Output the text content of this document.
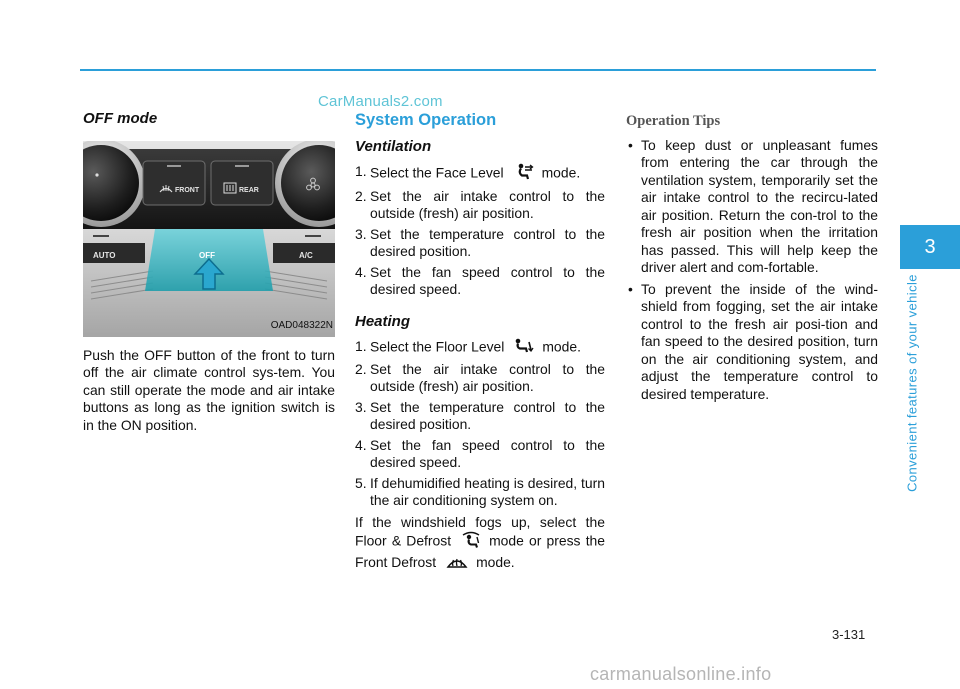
CarManuals2.com
OFF mode
FRONT	REAR
AUTO	OFF	A/C
OAD048322N

Push the OFF button of the front to turn off the air climate control sys-tem. You can still operate the mode and air intake buttons as long as the ignition switch is in the ON position.

System Operation
Ventilation
1. Select the Face Level	mode.
2. Set the air intake control to the outside (fresh) air position.
3. Set the temperature control to the desired position.
4. Set the fan speed control to the desired speed.
Heating
1. Select the Floor Level	mode.
2. Set the air intake control to the outside (fresh) air position.
3. Set the temperature control to the desired position.
4. Set the fan speed control to the desired speed.
5. If dehumidified heating is desired, turn the air conditioning system on.

If the windshield fogs up, select the Floor & Defrost	mode or press the Front Defrost	mode.

Operation Tips
• To keep dust or unpleasant fumes from entering the car through the ventilation system, temporarily set the air intake control to the recircu-lated air position. Return the con-trol to the fresh air position when the irritation has passed. This will help keep the driver alert and com-fortable.
• To prevent the inside of the wind-shield from fogging, set the air intake control to the fresh air posi-tion and fan speed to the desired position, turn on the air conditioning system, and adjust the temperature control to desired temperature.
3
Convenient features of your vehicle
3-131
carmanualsonline.info
